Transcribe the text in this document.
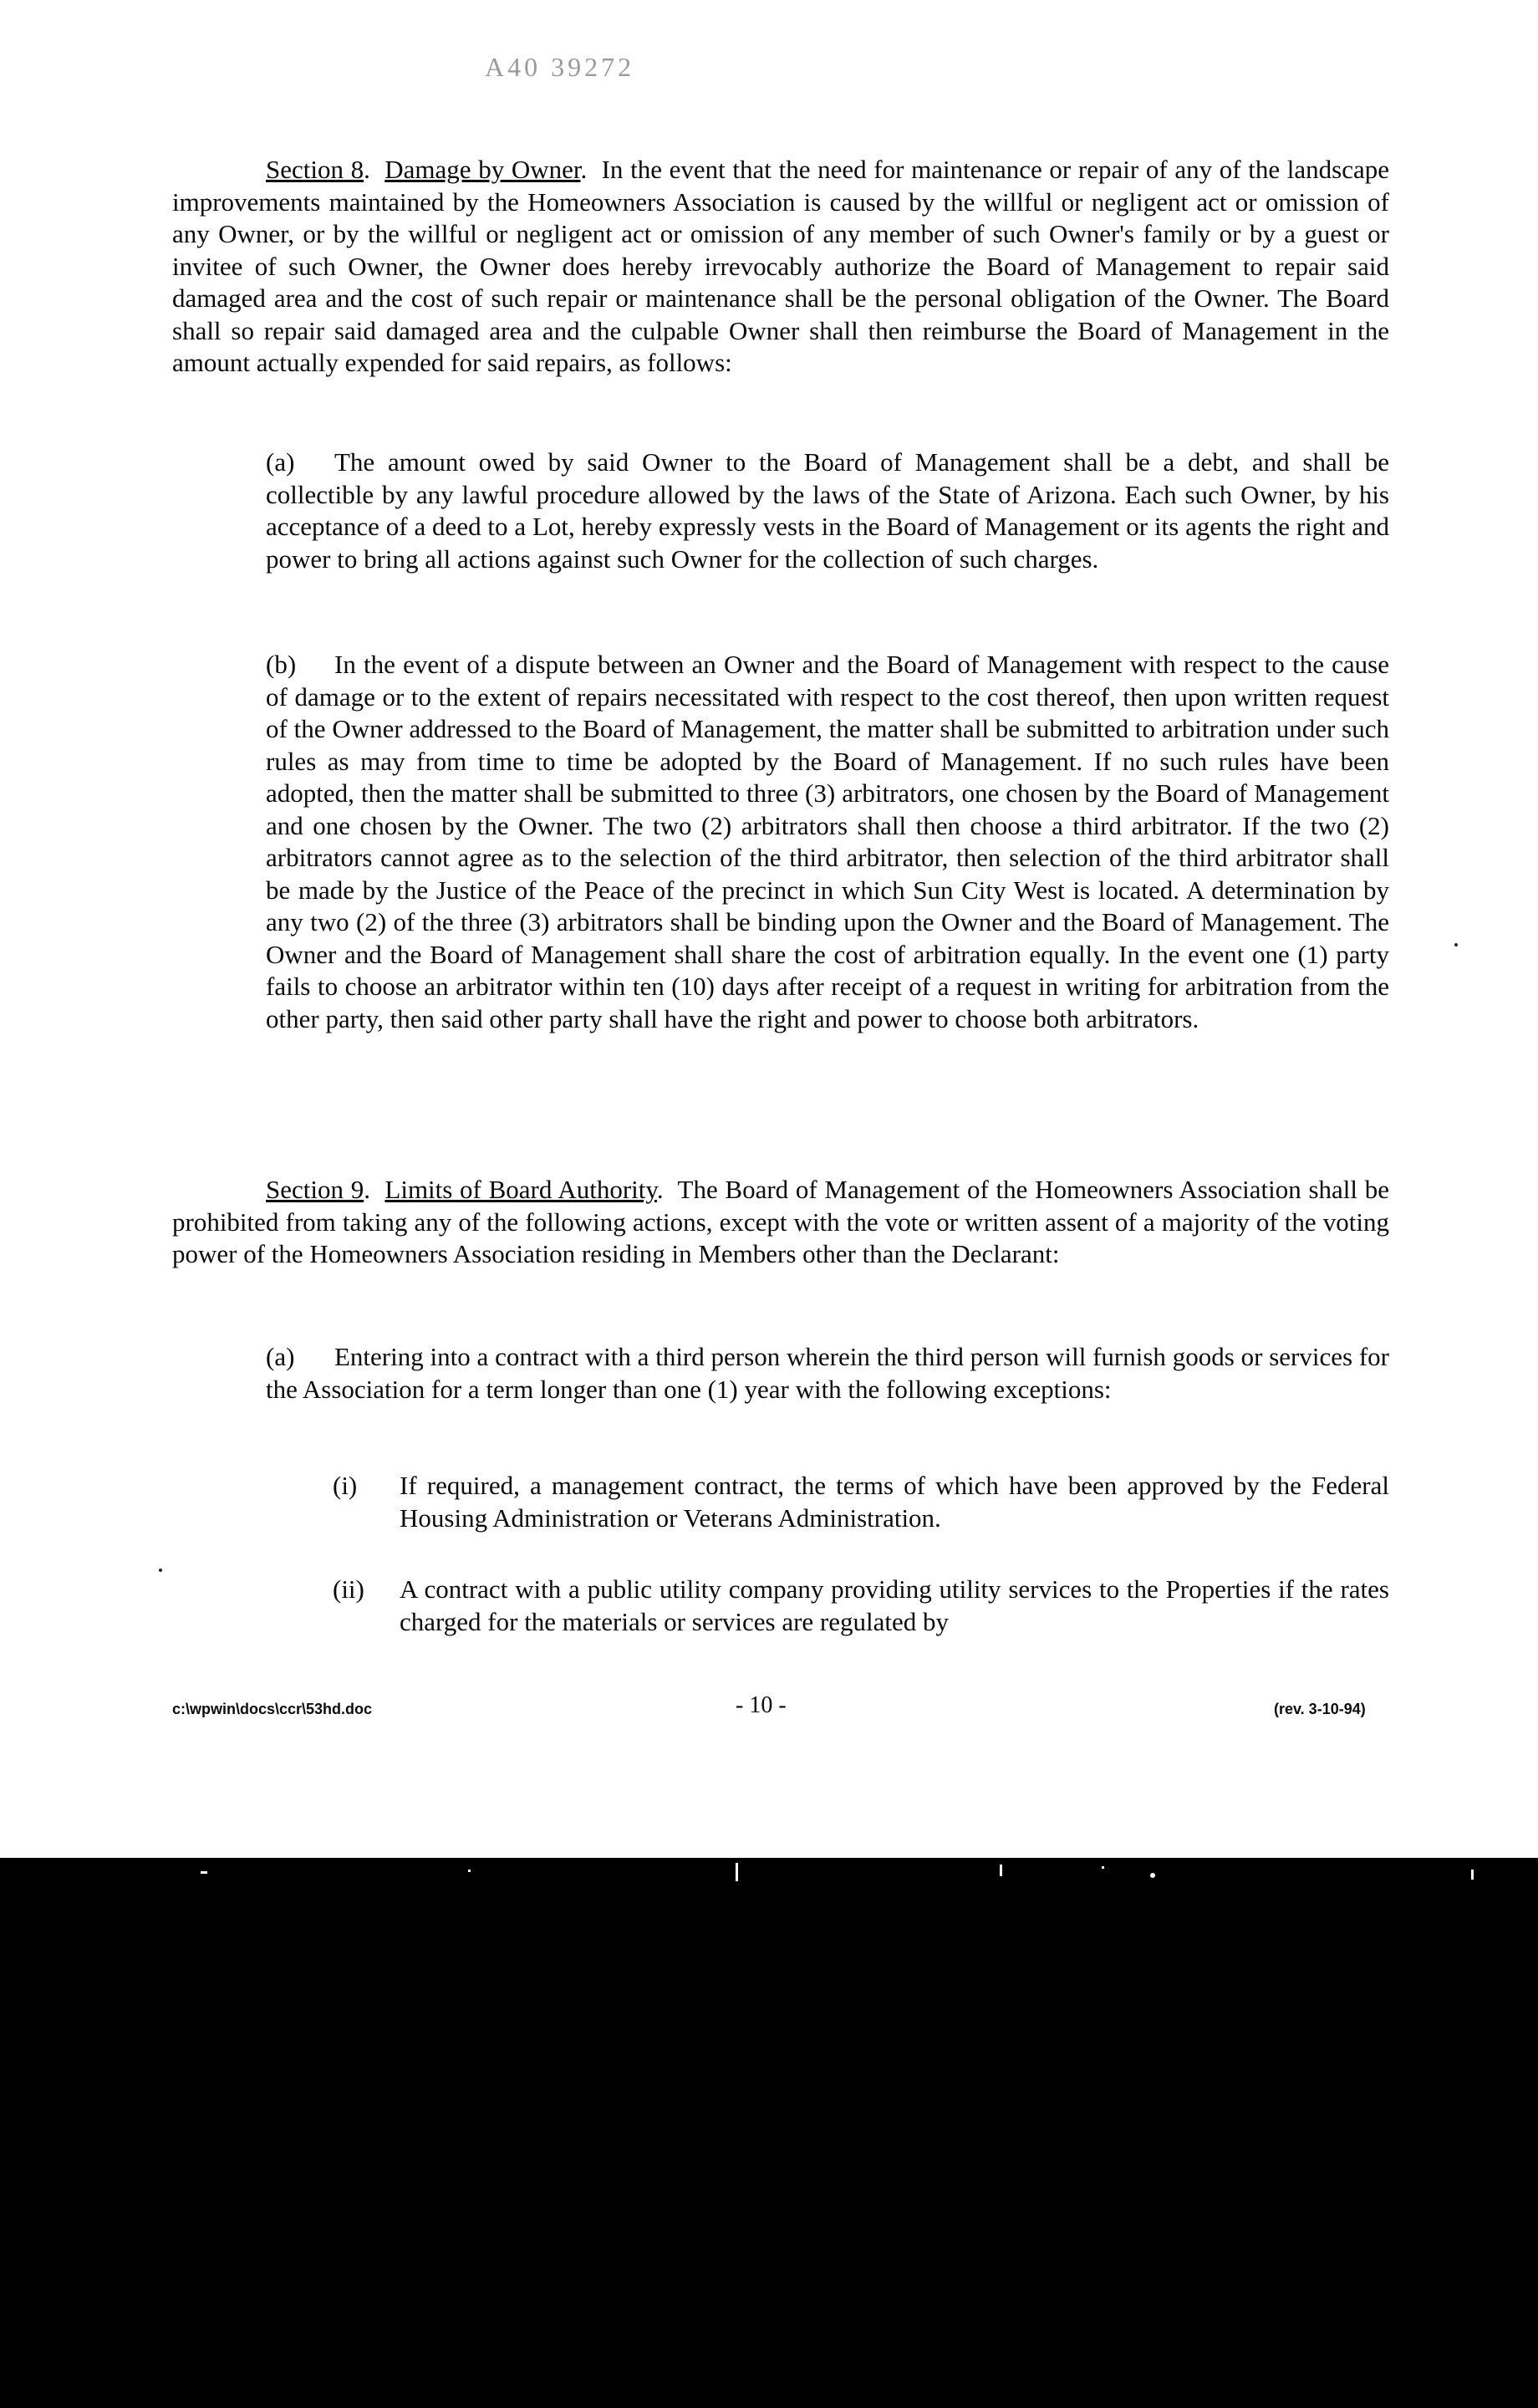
A40 39272

Section 8.  Damage by Owner.  In the event that the need for maintenance or repair of any of the landscape improvements maintained by the Homeowners Association is caused by the willful or negligent act or omission of any Owner, or by the willful or negligent act or omission of any member of such Owner's family or by a guest or invitee of such Owner, the Owner does hereby irrevocably authorize the Board of Management to repair said damaged area and the cost of such repair or maintenance shall be the personal obligation of the Owner. The Board shall so repair said damaged area and the culpable Owner shall then reimburse the Board of Management in the amount actually expended for said repairs, as follows:

(a) The amount owed by said Owner to the Board of Management shall be a debt, and shall be collectible by any lawful procedure allowed by the laws of the State of Arizona. Each such Owner, by his acceptance of a deed to a Lot, hereby expressly vests in the Board of Management or its agents the right and power to bring all actions against such Owner for the collection of such charges.

(b) In the event of a dispute between an Owner and the Board of Management with respect to the cause of damage or to the extent of repairs necessitated with respect to the cost thereof, then upon written request of the Owner addressed to the Board of Management, the matter shall be submitted to arbitration under such rules as may from time to time be adopted by the Board of Management. If no such rules have been adopted, then the matter shall be submitted to three (3) arbitrators, one chosen by the Board of Management and one chosen by the Owner. The two (2) arbitrators shall then choose a third arbitrator. If the two (2) arbitrators cannot agree as to the selection of the third arbitrator, then selection of the third arbitrator shall be made by the Justice of the Peace of the precinct in which Sun City West is located. A determination by any two (2) of the three (3) arbitrators shall be binding upon the Owner and the Board of Management. The Owner and the Board of Management shall share the cost of arbitration equally. In the event one (1) party fails to choose an arbitrator within ten (10) days after receipt of a request in writing for arbitration from the other party, then said other party shall have the right and power to choose both arbitrators.

Section 9.  Limits of Board Authority.  The Board of Management of the Homeowners Association shall be prohibited from taking any of the following actions, except with the vote or written assent of a majority of the voting power of the Homeowners Association residing in Members other than the Declarant:

(a) Entering into a contract with a third person wherein the third person will furnish goods or services for the Association for a term longer than one (1) year with the following exceptions:

(i) If required, a management contract, the terms of which have been approved by the Federal Housing Administration or Veterans Administration.
(ii) A contract with a public utility company providing utility services to the Properties if the rates charged for the materials or services are regulated by
c:\wpwin\docs\ccr\53hd.doc	- 10 -	(rev. 3-10-94)
